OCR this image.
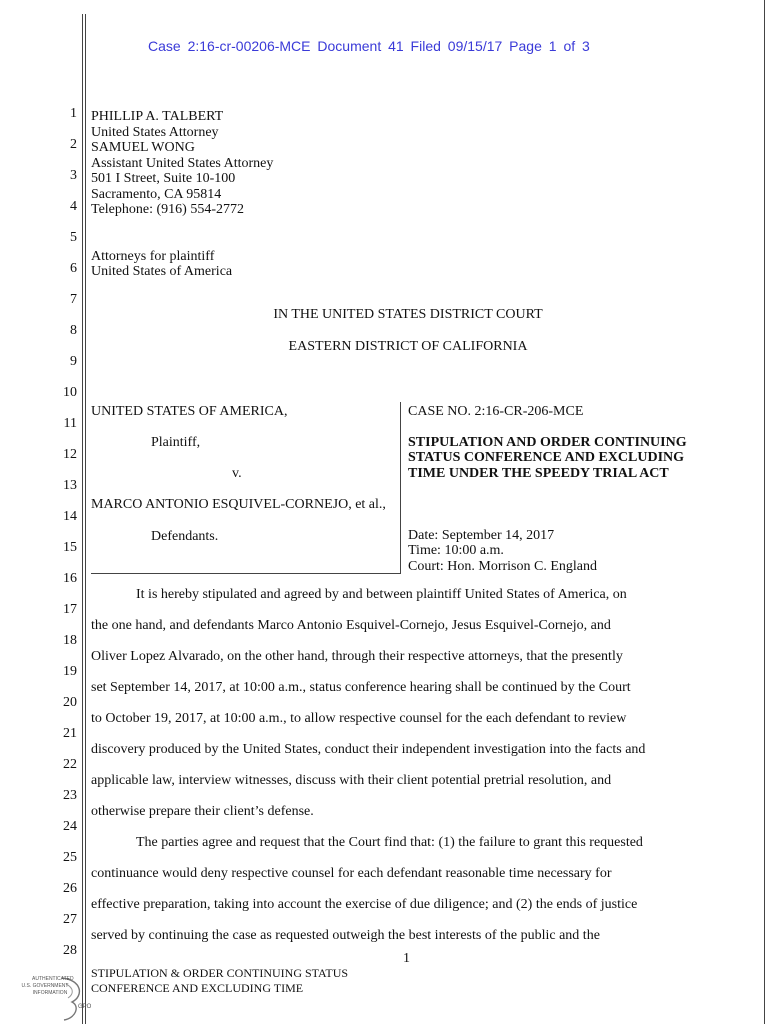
Case 2:16-cr-00206-MCE Document 41 Filed 09/15/17 Page 1 of 3
1
2
3
4
5
6
7
8
9
10
11
12
13
14
15
16
17
18
19
20
21
22
23
24
25
26
27
28
PHILLIP A. TALBERT
United States Attorney
SAMUEL WONG
Assistant United States Attorney
501 I Street, Suite 10-100
Sacramento, CA 95814
Telephone: (916) 554-2772
Attorneys for plaintiff
United States of America
IN THE UNITED STATES DISTRICT COURT
EASTERN DISTRICT OF CALIFORNIA
UNITED STATES OF AMERICA,
Plaintiff,
v.
MARCO ANTONIO ESQUIVEL-CORNEJO, et al.,
Defendants.
CASE NO. 2:16-CR-206-MCE
STIPULATION AND ORDER CONTINUING
STATUS CONFERENCE AND EXCLUDING
TIME UNDER THE SPEEDY TRIAL ACT
Date: September 14, 2017
Time: 10:00 a.m.
Court: Hon. Morrison C. England
It is hereby stipulated and agreed by and between plaintiff United States of America, on
the one hand, and defendants Marco Antonio Esquivel-Cornejo, Jesus Esquivel-Cornejo, and
Oliver Lopez Alvarado, on the other hand, through their respective attorneys, that the presently
set September 14, 2017, at 10:00 a.m., status conference hearing shall be continued by the Court
to October 19, 2017, at 10:00 a.m., to allow respective counsel for the each defendant to review
discovery produced by the United States, conduct their independent investigation into the facts and
applicable law, interview witnesses, discuss with their client potential pretrial resolution, and
otherwise prepare their client’s defense.
The parties agree and request that the Court find that: (1) the failure to grant this requested
continuance would deny respective counsel for each defendant reasonable time necessary for
effective preparation, taking into account the exercise of due diligence; and (2) the ends of justice
served by continuing the case as requested outweigh the best interests of the public and the
1
STIPULATION & ORDER CONTINUING STATUS
CONFERENCE AND EXCLUDING TIME
AUTHENTICATED
U.S. GOVERNMENT
INFORMATION
GPO
